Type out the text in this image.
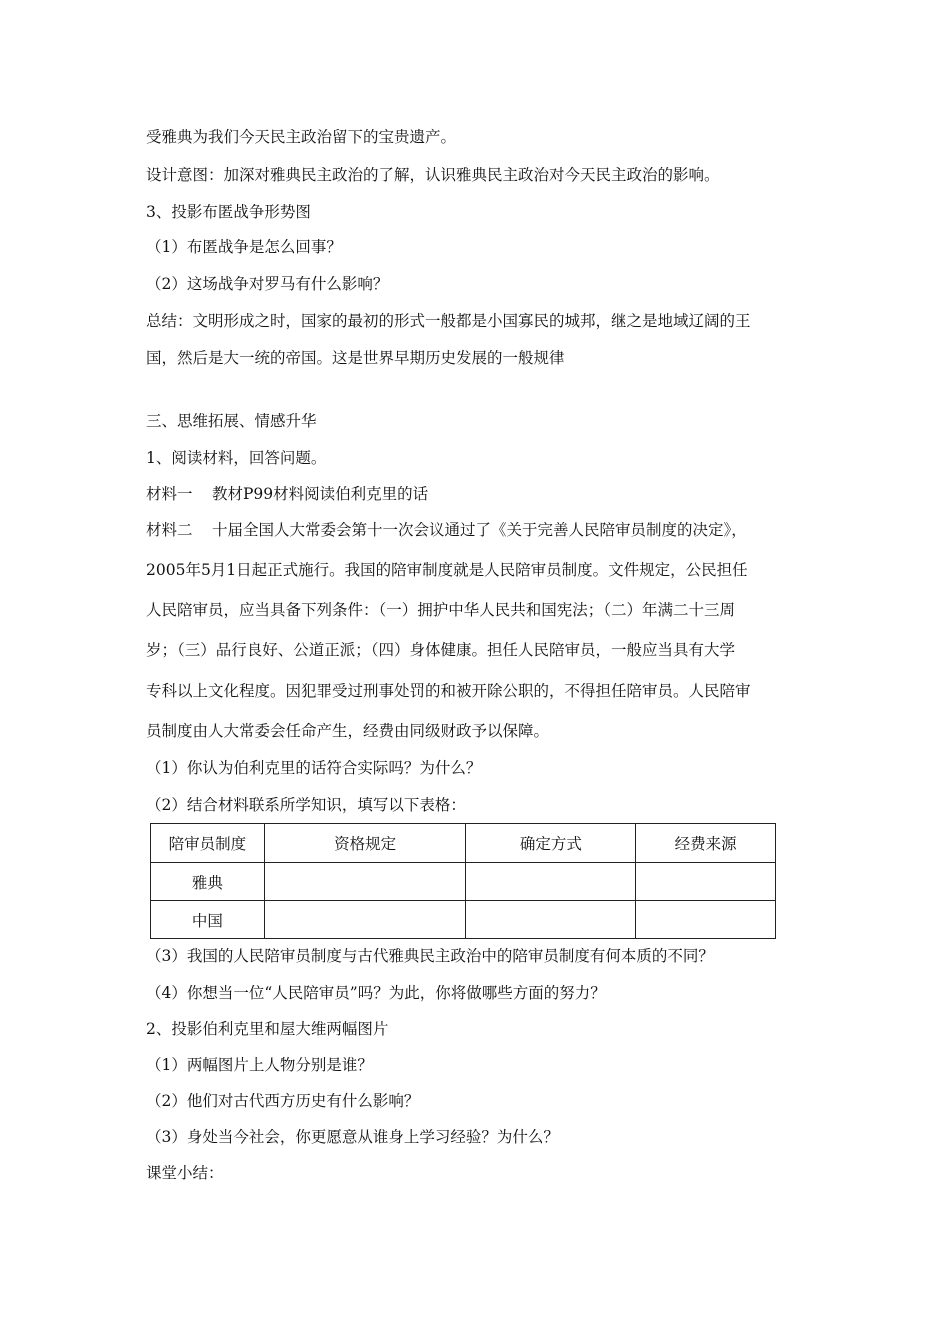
受雅典为我们今天民主政治留下的宝贵遗产。
设计意图：加深对雅典民主政治的了解，认识雅典民主政治对今天民主政治的影响。
3、投影布匿战争形势图
（1）布匿战争是怎么回事？
（2）这场战争对罗马有什么影响？
总结：文明形成之时，国家的最初的形式一般都是小国寡民的城邦，继之是地域辽阔的王
国，然后是大一统的帝国。这是世界早期历史发展的一般规律
三、思维拓展、情感升华
1、阅读材料，回答问题。
材料一 教材P99材料阅读伯利克里的话
材料二 十届全国人大常委会第十一次会议通过了《关于完善人民陪审员制度的决定》，
2005年5月1日起正式施行。我国的陪审制度就是人民陪审员制度。文件规定，公民担任
人民陪审员，应当具备下列条件：（一）拥护中华人民共和国宪法；（二）年满二十三周
岁；（三）品行良好、公道正派；（四）身体健康。担任人民陪审员，一般应当具有大学
专科以上文化程度。因犯罪受过刑事处罚的和被开除公职的，不得担任陪审员。人民陪审
员制度由人大常委会任命产生，经费由同级财政予以保障。
（1）你认为伯利克里的话符合实际吗？为什么？
（2）结合材料联系所学知识，填写以下表格：
陪审员制度	资格规定	确定方式	经费来源
雅典			
中国			
（3）我国的人民陪审员制度与古代雅典民主政治中的陪审员制度有何本质的不同？
（4）你想当一位“人民陪审员”吗？为此，你将做哪些方面的努力？
2、投影伯利克里和屋大维两幅图片
（1）两幅图片上人物分别是谁？
（2）他们对古代西方历史有什么影响？
（3）身处当今社会，你更愿意从谁身上学习经验？为什么？
课堂小结：
